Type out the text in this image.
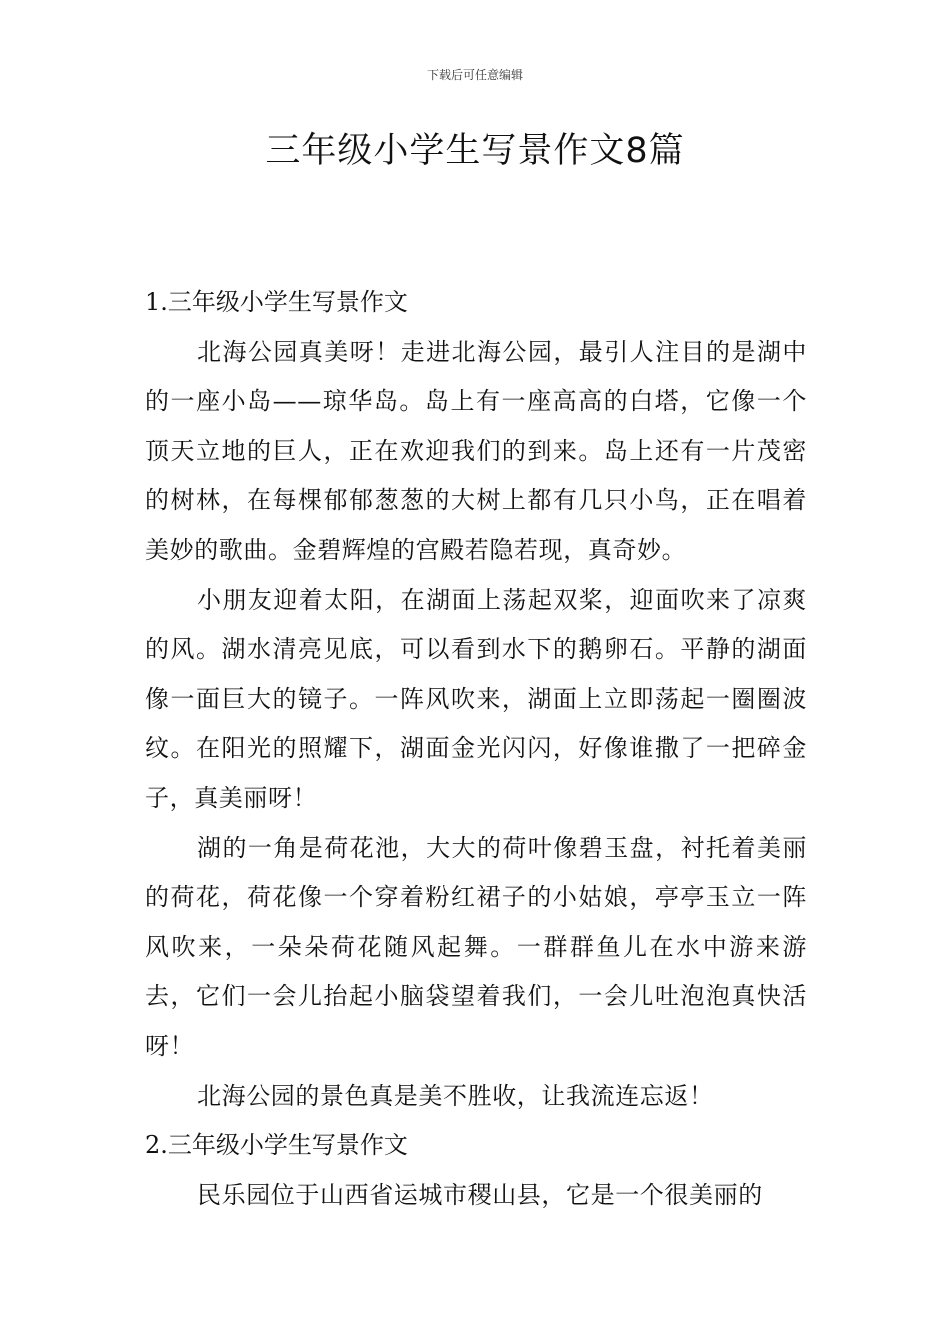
下载后可任意编辑
三年级小学生写景作文8篇
1.三年级小学生写景作文

北海公园真美呀！走进北海公园，最引人注目的是湖中的一座小岛——琼华岛。岛上有一座高高的白塔，它像一个顶天立地的巨人，正在欢迎我们的到来。岛上还有一片茂密的树林，在每棵郁郁葱葱的大树上都有几只小鸟，正在唱着美妙的歌曲。金碧辉煌的宫殿若隐若现，真奇妙。

小朋友迎着太阳，在湖面上荡起双桨，迎面吹来了凉爽的风。湖水清亮见底，可以看到水下的鹅卵石。平静的湖面像一面巨大的镜子。一阵风吹来，湖面上立即荡起一圈圈波纹。在阳光的照耀下，湖面金光闪闪，好像谁撒了一把碎金子，真美丽呀！

湖的一角是荷花池，大大的荷叶像碧玉盘，衬托着美丽的荷花，荷花像一个穿着粉红裙子的小姑娘，亭亭玉立一阵风吹来，一朵朵荷花随风起舞。一群群鱼儿在水中游来游去，它们一会儿抬起小脑袋望着我们，一会儿吐泡泡真快活呀！

北海公园的景色真是美不胜收，让我流连忘返！

2.三年级小学生写景作文

民乐园位于山西省运城市稷山县，它是一个很美丽的
